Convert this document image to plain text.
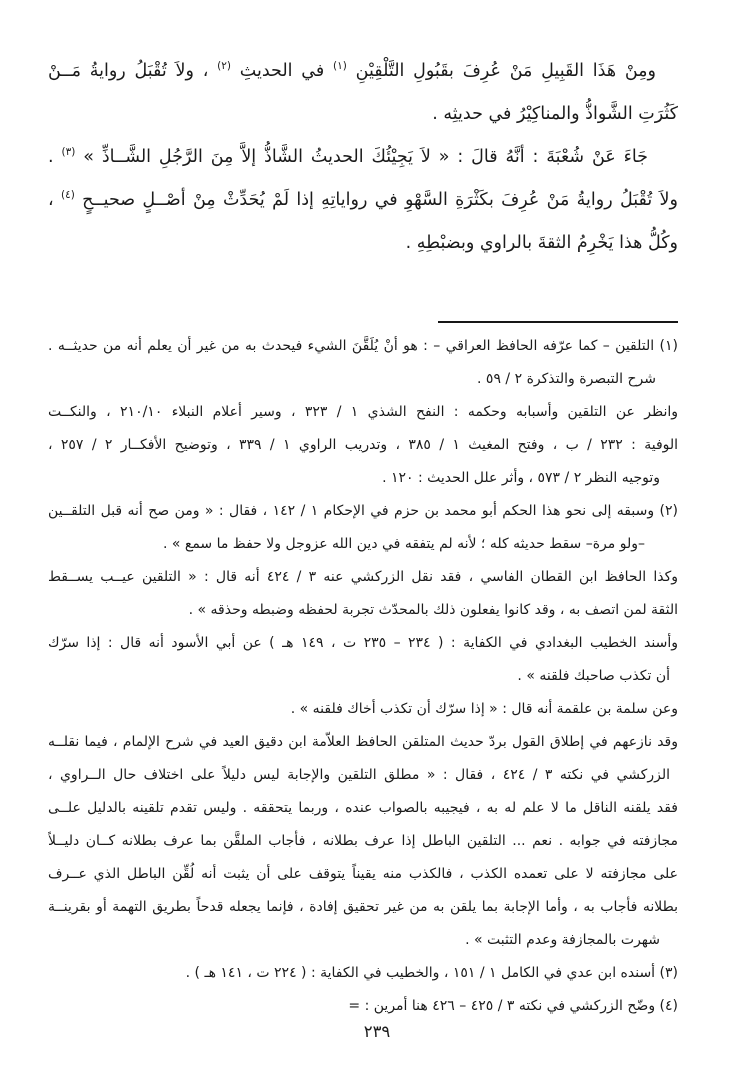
ومِنْ هَذَا القَبِيلِ مَنْ عُرِفَ بقَبُولِ التَّلْقِيْنِ $^{(١)}$ في الحديثِ $^{(٢)}$ ، ولاَ تُقْبَلُ روايةُ مَــنْ
كَثُرَتِ الشَّواذُّ والمناكِيْرُ في حديثِه .
جَاءَ عَنْ شُعْبَةَ : أنَّهُ قالَ : « لاَ يَجِيْئُكَ الحديثُ الشَّاذُّ إلاَّ مِنَ الرَّجُلِ الشَّــاذِّ » $^{(٣)}$ .
ولاَ تُقْبَلُ روايةُ مَنْ عُرِفَ بكَثْرَةِ السَّهْوِ في رواياتِهِ إذا لَمْ يُحَدِّثْ مِنْ أصْــلٍ صحيــحٍ $^{(٤)}$ ،
وكُلُّ هذا يَخْرِمُ الثقةَ بالراوي وبضبْطِهِ .
(١) التلقين – كما عرّفه الحافظ العراقي – : هو أنْ يُلَقَّنَ الشيء فيحدث به من غير أن يعلم أنه من حديثــه .
شرح التبصرة والتذكرة ٢ / ٥٩ .
وانظر عن التلقين وأسبابه وحكمه : النفح الشذي ١ / ٣٢٣ ، وسير أعلام النبلاء ٢١٠/١٠ ، والنكــت
الوفية : ٢٣٢ / ب ، وفتح المغيث ١ / ٣٨٥ ، وتدريب الراوي ١ / ٣٣٩ ، وتوضيح الأفكــار ٢ / ٢٥٧ ،
وتوجيه النظر ٢ / ٥٧٣ ، وأثر علل الحديث : ١٢٠ .
(٢) وسبقه إلى نحو هذا الحكم أبو محمد بن حزم في الإحكام ١ / ١٤٢ ، فقال : « ومن صح أنه قبل التلقــين
–ولو مرة– سقط حديثه كله ؛ لأنه لم يتفقه في دين الله عزوجل ولا حفظ ما سمع » .
وكذا الحافظ ابن القطان الفاسي ، فقد نقل الزركشي عنه ٣ / ٤٢٤ أنه قال : « التلقين عيــب يســقط
الثقة لمن اتصف به ، وقد كانوا يفعلون ذلك بالمحدّث تجربة لحفظه وضبطه وحذقه » .
وأسند الخطيب البغدادي في الكفاية : ( ٢٣٤ – ٢٣٥ ت ، ١٤٩ هـ ) عن أبي الأسود أنه قال : إذا سرّك
أن تكذب صاحبك فلقنه » .
وعن سلمة بن علقمة أنه قال : « إذا سرّك أن تكذب أخاك فلقنه » .
وقد نازعهم في إطلاق القول بردّ حديث المتلقن الحافظ العلاّمة ابن دقيق العيد في شرح الإلمام ، فيما نقلــه
الزركشي في نكته ٣ / ٤٢٤ ، فقال : « مطلق التلقين والإجابة ليس دليلاً على اختلاف حال الــراوي ،
فقد يلقنه الناقل ما لا علم له به ، فيجيبه بالصواب عنده ، وربما يتحققه . وليس تقدم تلقينه بالدليل علــى
مجازفته في جوابه . نعم ... التلقين الباطل إذا عرف بطلانه ، فأجاب الملقَّن بما عرف بطلانه كــان دليــلاً
على مجازفته لا على تعمده الكذب ، فالكذب منه يقيناً يتوقف على أن يثبت أنه لُقِّن الباطل الذي عــرف
بطلانه فأجاب به ، وأما الإجابة بما يلقن به من غير تحقيق إفادة ، فإنما يجعله قدحاً بطريق التهمة أو بقرينــة
شهرت بالمجازفة وعدم التثبت » .
(٣) أسنده ابن عدي في الكامل ١ / ١٥١ ، والخطيب في الكفاية : ( ٢٢٤ ت ، ١٤١ هـ ) .
(٤) وضّح الزركشي في نكته ٣ / ٤٢٥ – ٤٢٦ هنا أمرين : =
٢٣٩
